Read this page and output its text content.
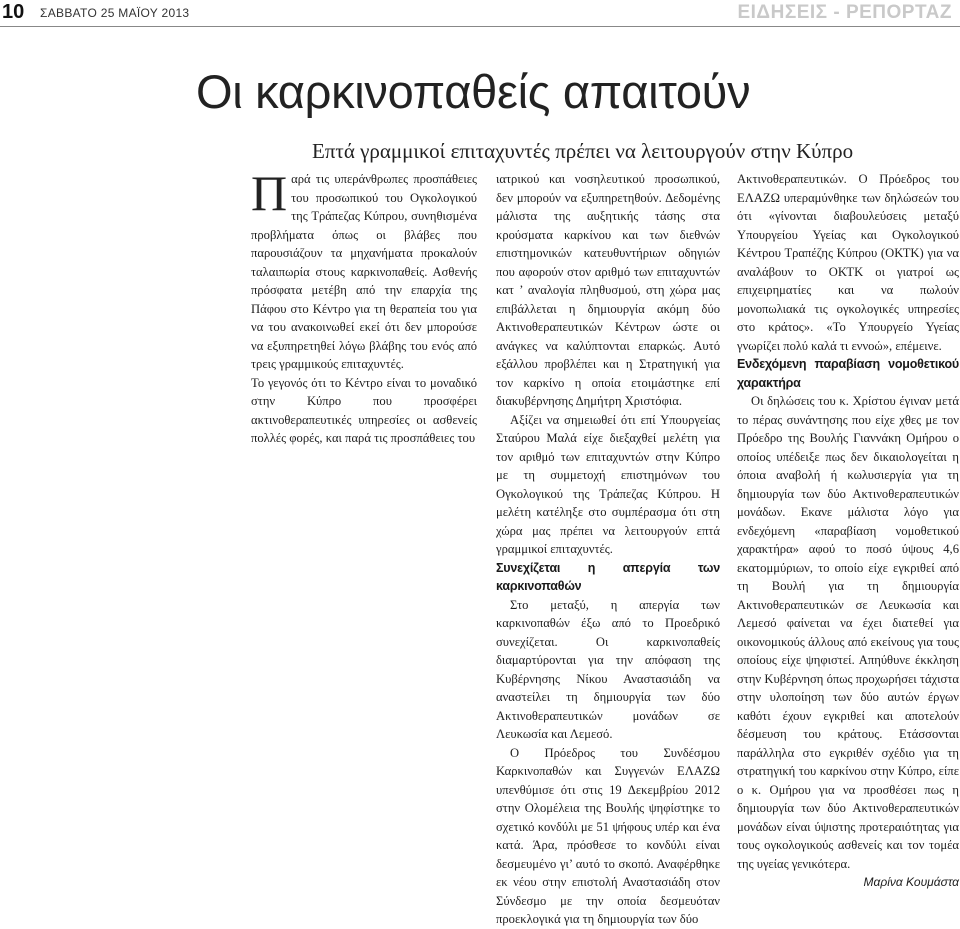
10 ΣΑΒΒΑΤΟ 25 ΜΑΪΟΥ 2013	ΕΙΔΗΣΕΙΣ - ΡΕΠΟΡΤΑΖ
Οι καρκινοπαθείς απαιτούν
Επτά γραμμικοί επιταχυντές πρέπει να λειτουργούν στην Κύπρο

Παρά τις υπεράνθρωπες προσπάθειες του προσωπικού του Ογκολογικού της Τράπεζας Κύπρου, συνηθισμένα προβλήματα όπως οι βλάβες που παρουσιάζουν τα μηχανήματα προκαλούν ταλαιπωρία στους καρκινοπαθείς. Ασθενής πρόσφατα μετέβη από την επαρχία της Πάφου στο Κέντρο για τη θεραπεία του για να του ανακοινωθεί εκεί ότι δεν μπορούσε να εξυπηρετηθεί λόγω βλάβης του ενός από τρεις γραμμικούς επιταχυντές.

Το γεγονός ότι το Κέντρο είναι το μοναδικό στην Κύπρο που προσφέρει ακτινοθεραπευτικές υπηρεσίες οι ασθενείς πολλές φορές, και παρά τις προσπάθειες του

ιατρικού και νοσηλευτικού προσωπικού, δεν μπορούν να εξυπηρετηθούν. Δεδομένης μάλιστα της αυξητικής τάσης στα κρούσματα καρκίνου και των διεθνών επιστημονικών κατευθυντήριων οδηγιών που αφορούν στον αριθμό των επιταχυντών κατ ’ αναλογία πληθυσμού, στη χώρα μας επιβάλλεται η δημιουργία ακόμη δύο Ακτινοθεραπευτικών Κέντρων ώστε οι ανάγκες να καλύπτονται επαρκώς. Αυτό εξάλλου προβλέπει και η Στρατηγική για τον καρκίνο η οποία ετοιμάστηκε επί διακυβέρνησης Δημήτρη Χριστόφια.

Αξίζει να σημειωθεί ότι επί Υπουργείας Σταύρου Μαλά είχε διεξαχθεί μελέτη για τον αριθμό των επιταχυντών στην Κύπρο με τη συμμετοχή επιστημόνων του Ογκολογικού της Τράπεζας Κύπρου. Η μελέτη κατέληξε στο συμπέρασμα ότι στη χώρα μας πρέπει να λειτουργούν επτά γραμμικοί επιταχυντές.

Συνεχίζεται η απεργία των καρκινοπαθών

Στο μεταξύ, η απεργία των καρκινοπαθών έξω από το Προεδρικό συνεχίζεται. Οι καρκινοπαθείς διαμαρτύρονται για την απόφαση της Κυβέρνησης Νίκου Αναστασιάδη να αναστείλει τη δημιουργία των δύο Ακτινοθεραπευτικών μονάδων σε Λευκωσία και Λεμεσό.

Ο Πρόεδρος του Συνδέσμου Καρκινοπαθών και Συγγενών ΕΛΑΖΩ υπενθύμισε ότι στις 19 Δεκεμβρίου 2012 στην Ολομέλεια της Βουλής ψηφίστηκε το σχετικό κονδύλι με 51 ψήφους υπέρ και ένα κατά. Άρα, πρόσθεσε το κονδύλι είναι δεσμευμένο γι’ αυτό το σκοπό. Αναφέρθηκε εκ νέου στην επιστολή Αναστασιάδη στον Σύνδεσμο με την οποία δεσμευόταν προεκλογικά για τη δημιουργία των δύο

Ακτινοθεραπευτικών. Ο Πρόεδρος του ΕΛΑΖΩ υπεραμύνθηκε των δηλώσεών του ότι «γίνονται διαβουλεύσεις μεταξύ Υπουργείου Υγείας και Ογκολογικού Κέντρου Τραπέζης Κύπρου (ΟΚΤΚ) για να αναλάβουν το ΟΚΤΚ οι γιατροί ως επιχειρηματίες και να πωλούν μονοπωλιακά τις ογκολογικές υπηρεσίες στο κράτος». «Το Υπουργείο Υγείας γνωρίζει πολύ καλά τι εννοώ», επέμεινε.

Ενδεχόμενη παραβίαση νομοθετικού χαρακτήρα

Οι δηλώσεις του κ. Χρίστου έγιναν μετά το πέρας συνάντησης που είχε χθες με τον Πρόεδρο της Βουλής Γιαννάκη Ομήρου ο οποίος υπέδειξε πως δεν δικαιολογείται η όποια αναβολή ή κωλυσιεργία για τη δημιουργία των δύο Ακτινοθεραπευτικών μονάδων. Εκανε μάλιστα λόγο για ενδεχόμενη «παραβίαση νομοθετικού χαρακτήρα» αφού το ποσό ύψους 4,6 εκατομμύριων, το οποίο είχε εγκριθεί από τη Βουλή για τη δημιουργία Ακτινοθεραπευτικών σε Λευκωσία και Λεμεσό φαίνεται να έχει διατεθεί για οικονομικούς άλλους από εκείνους για τους οποίους είχε ψηφιστεί. Απηύθυνε έκκληση στην Κυβέρνηση όπως προχωρήσει τάχιστα στην υλοποίηση των δύο αυτών έργων καθότι έχουν εγκριθεί και αποτελούν δέσμευση του κράτους. Ετάσσονται παράλληλα στο εγκριθέν σχέδιο για τη στρατηγική του καρκίνου στην Κύπρο, είπε ο κ. Ομήρου για να προσθέσει πως η δημιουργία των δύο Ακτινοθεραπευτικών μονάδων είναι ύψιστης προτεραιότητας για τους ογκολογικούς ασθενείς και τον τομέα της υγείας γενικότερα.

Μαρίνα Κουμάστα
